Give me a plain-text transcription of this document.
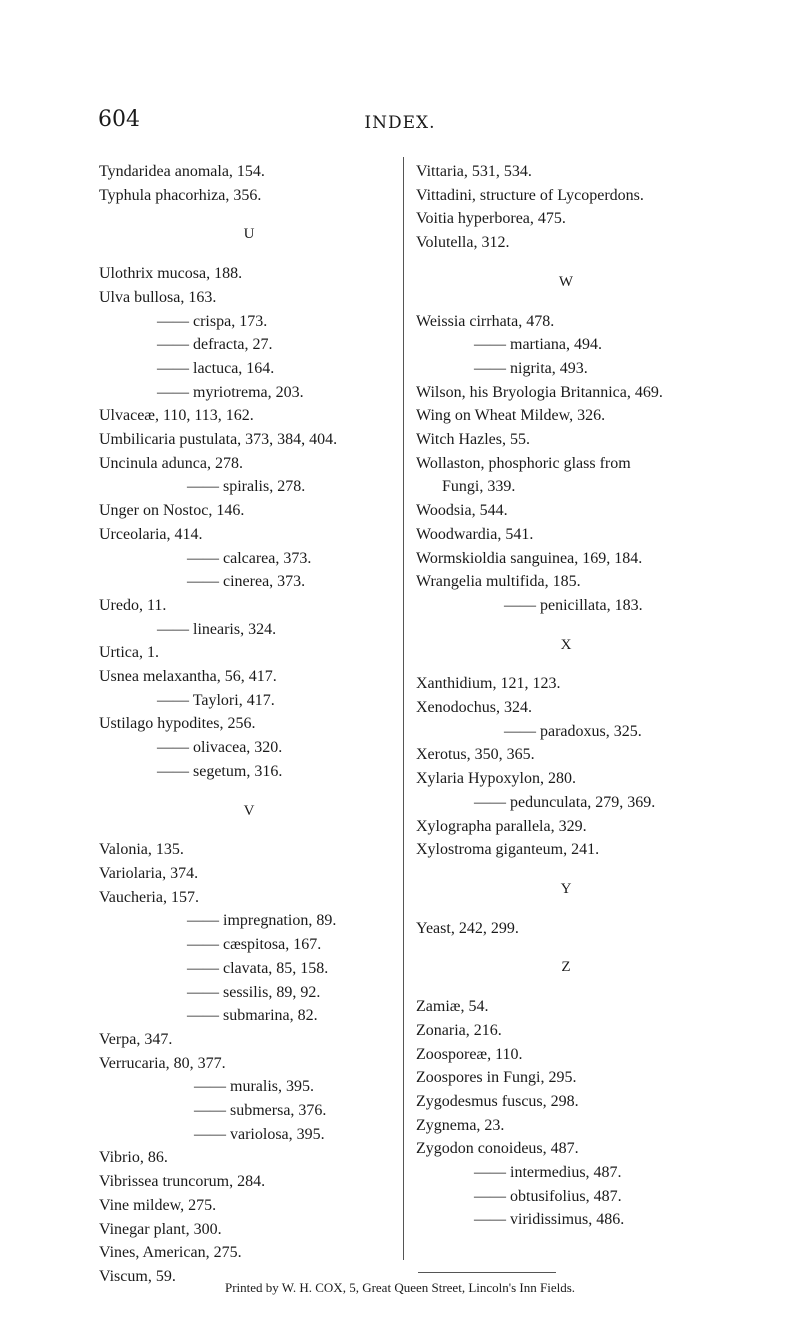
604	INDEX.
Tyndaridea anomala, 154.
Typhula phacorhiza, 356.
U
Ulothrix mucosa, 188.
Ulva bullosa, 163.
—— crispa, 173.
—— defracta, 27.
—— lactuca, 164.
—— myriotrema, 203.
Ulvaceæ, 110, 113, 162.
Umbilicaria pustulata, 373, 384, 404.
Uncinula adunca, 278.
—— spiralis, 278.
Unger on Nostoc, 146.
Urceolaria, 414.
—— calcarea, 373.
—— cinerea, 373.
Uredo, 11.
—— linearis, 324.
Urtica, 1.
Usnea melaxantha, 56, 417.
—— Taylori, 417.
Ustilago hypodites, 256.
—— olivacea, 320.
—— segetum, 316.
V
Valonia, 135.
Variolaria, 374.
Vaucheria, 157.
—— impregnation, 89.
—— cæspitosa, 167.
—— clavata, 85, 158.
—— sessilis, 89, 92.
—— submarina, 82.
Verpa, 347.
Verrucaria, 80, 377.
—— muralis, 395.
—— submersa, 376.
—— variolosa, 395.
Vibrio, 86.
Vibrissea truncorum, 284.
Vine mildew, 275.
Vinegar plant, 300.
Vines, American, 275.
Viscum, 59.
Vittaria, 531, 534.
Vittadini, structure of Lycoperdons.
Voitia hyperborea, 475.
Volutella, 312.
W
Weissia cirrhata, 478.
—— martiana, 494.
—— nigrita, 493.
Wilson, his Bryologia Britannica, 469.
Wing on Wheat Mildew, 326.
Witch Hazles, 55.
Wollaston, phosphoric glass from
Fungi, 339.
Woodsia, 544.
Woodwardia, 541.
Wormskioldia sanguinea, 169, 184.
Wrangelia multifida, 185.
—— penicillata, 183.
X
Xanthidium, 121, 123.
Xenodochus, 324.
—— paradoxus, 325.
Xerotus, 350, 365.
Xylaria Hypoxylon, 280.
—— pedunculata, 279, 369.
Xylographa parallela, 329.
Xylostroma giganteum, 241.
Y
Yeast, 242, 299.
Z
Zamiæ, 54.
Zonaria, 216.
Zoosporeæ, 110.
Zoospores in Fungi, 295.
Zygodesmus fuscus, 298.
Zygnema, 23.
Zygodon conoideus, 487.
—— intermedius, 487.
—— obtusifolius, 487.
—— viridissimus, 486.
Printed by W. H. COX, 5, Great Queen Street, Lincoln's Inn Fields.
